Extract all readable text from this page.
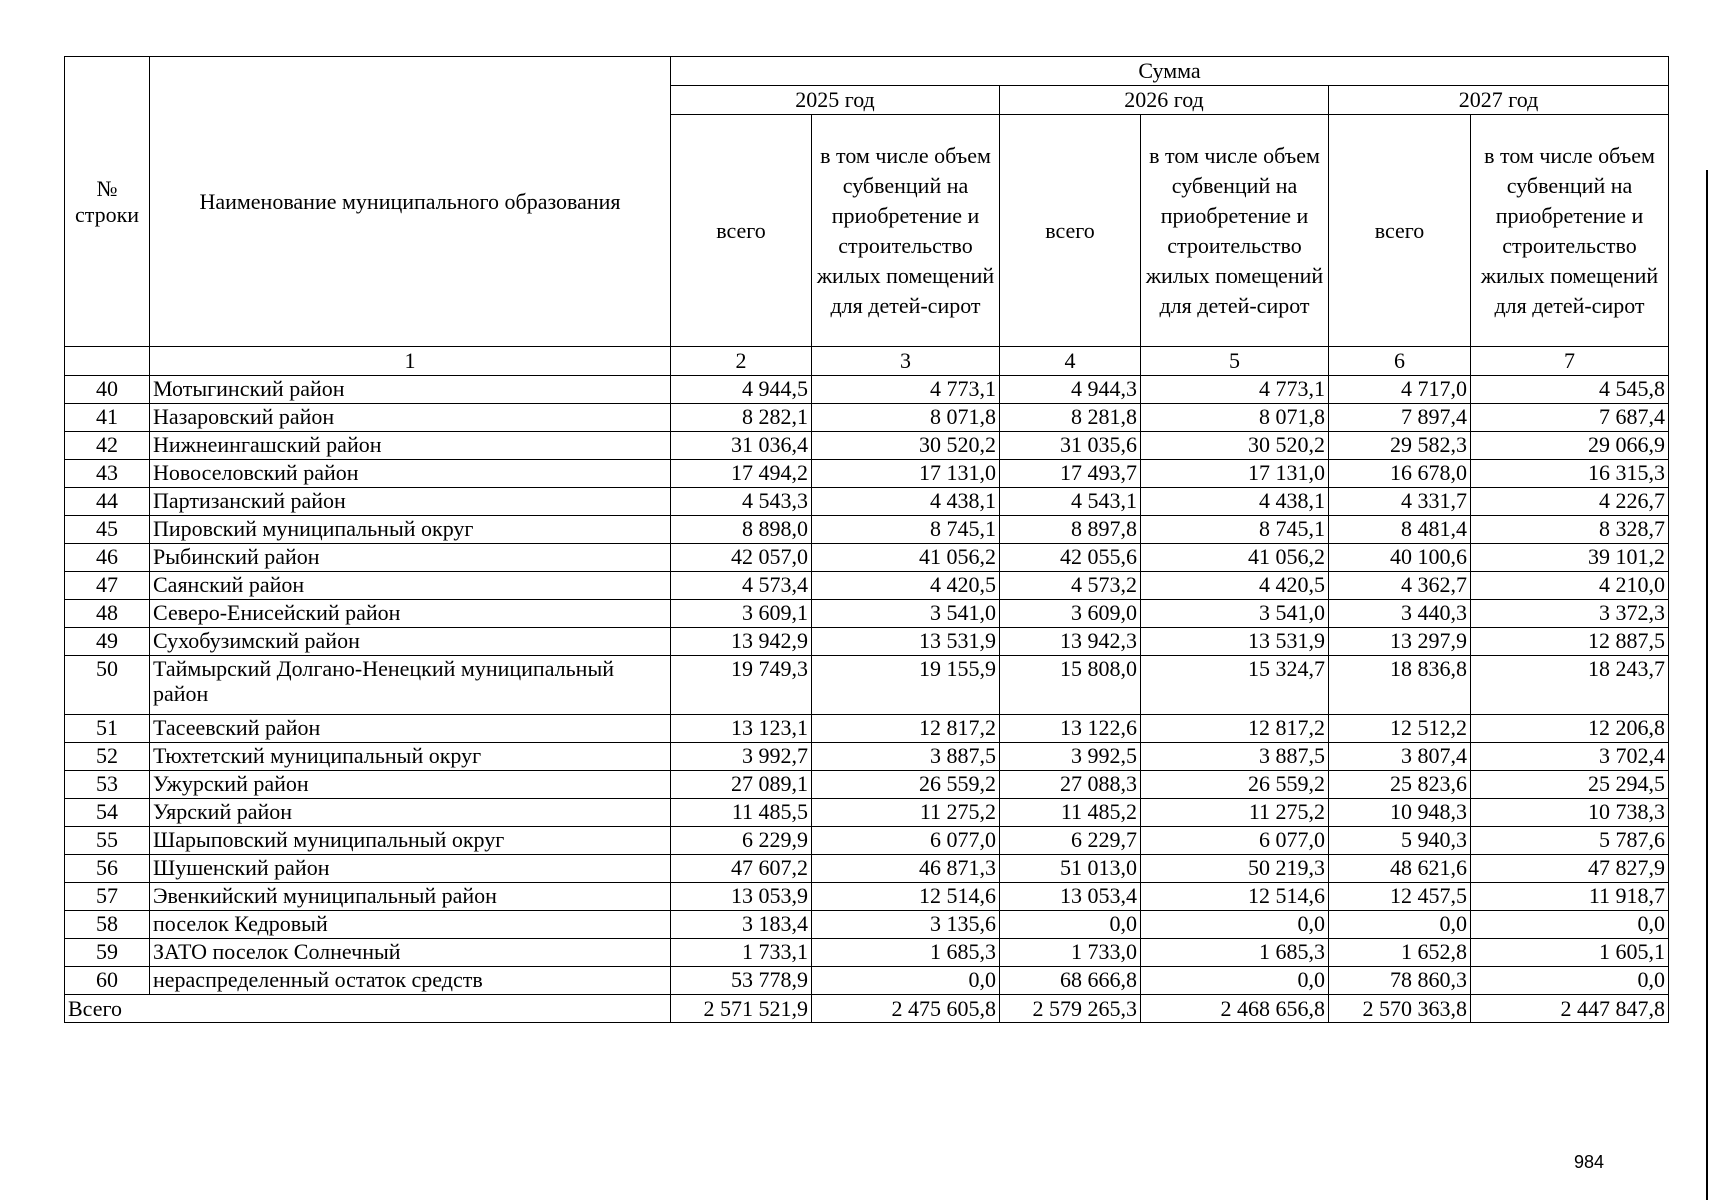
№ строки	Наименование муниципального образования	Сумма					
		2025 год		2026 год		2027 год	
		всего	в том числе объем субвенций на приобретение и строительство жилых помещений для детей-сирот	всего	в том числе объем субвенций на приобретение и строительство жилых помещений для детей-сирот	всего	в том числе объем субвенций на приобретение и строительство жилых помещений для детей-сирот
	1	2	3	4	5	6	7
40	Мотыгинский район	4 944,5	4 773,1	4 944,3	4 773,1	4 717,0	4 545,8
41	Назаровский район	8 282,1	8 071,8	8 281,8	8 071,8	7 897,4	7 687,4
42	Нижнеингашский район	31 036,4	30 520,2	31 035,6	30 520,2	29 582,3	29 066,9
43	Новоселовский район	17 494,2	17 131,0	17 493,7	17 131,0	16 678,0	16 315,3
44	Партизанский район	4 543,3	4 438,1	4 543,1	4 438,1	4 331,7	4 226,7
45	Пировский муниципальный округ	8 898,0	8 745,1	8 897,8	8 745,1	8 481,4	8 328,7
46	Рыбинский район	42 057,0	41 056,2	42 055,6	41 056,2	40 100,6	39 101,2
47	Саянский район	4 573,4	4 420,5	4 573,2	4 420,5	4 362,7	4 210,0
48	Северо-Енисейский район	3 609,1	3 541,0	3 609,0	3 541,0	3 440,3	3 372,3
49	Сухобузимский район	13 942,9	13 531,9	13 942,3	13 531,9	13 297,9	12 887,5
50	Таймырский Долгано-Ненецкий муниципальный район	19 749,3	19 155,9	15 808,0	15 324,7	18 836,8	18 243,7
51	Тасеевский район	13 123,1	12 817,2	13 122,6	12 817,2	12 512,2	12 206,8
52	Тюхтетский муниципальный округ	3 992,7	3 887,5	3 992,5	3 887,5	3 807,4	3 702,4
53	Ужурский район	27 089,1	26 559,2	27 088,3	26 559,2	25 823,6	25 294,5
54	Уярский район	11 485,5	11 275,2	11 485,2	11 275,2	10 948,3	10 738,3
55	Шарыповский муниципальный округ	6 229,9	6 077,0	6 229,7	6 077,0	5 940,3	5 787,6
56	Шушенский район	47 607,2	46 871,3	51 013,0	50 219,3	48 621,6	47 827,9
57	Эвенкийский муниципальный район	13 053,9	12 514,6	13 053,4	12 514,6	12 457,5	11 918,7
58	поселок Кедровый	3 183,4	3 135,6	0,0	0,0	0,0	0,0
59	ЗАТО поселок Солнечный	1 733,1	1 685,3	1 733,0	1 685,3	1 652,8	1 605,1
60	нераспределенный остаток средств	53 778,9	0,0	68 666,8	0,0	78 860,3	0,0
Всего		2 571 521,9	2 475 605,8	2 579 265,3	2 468 656,8	2 570 363,8	2 447 847,8
984
